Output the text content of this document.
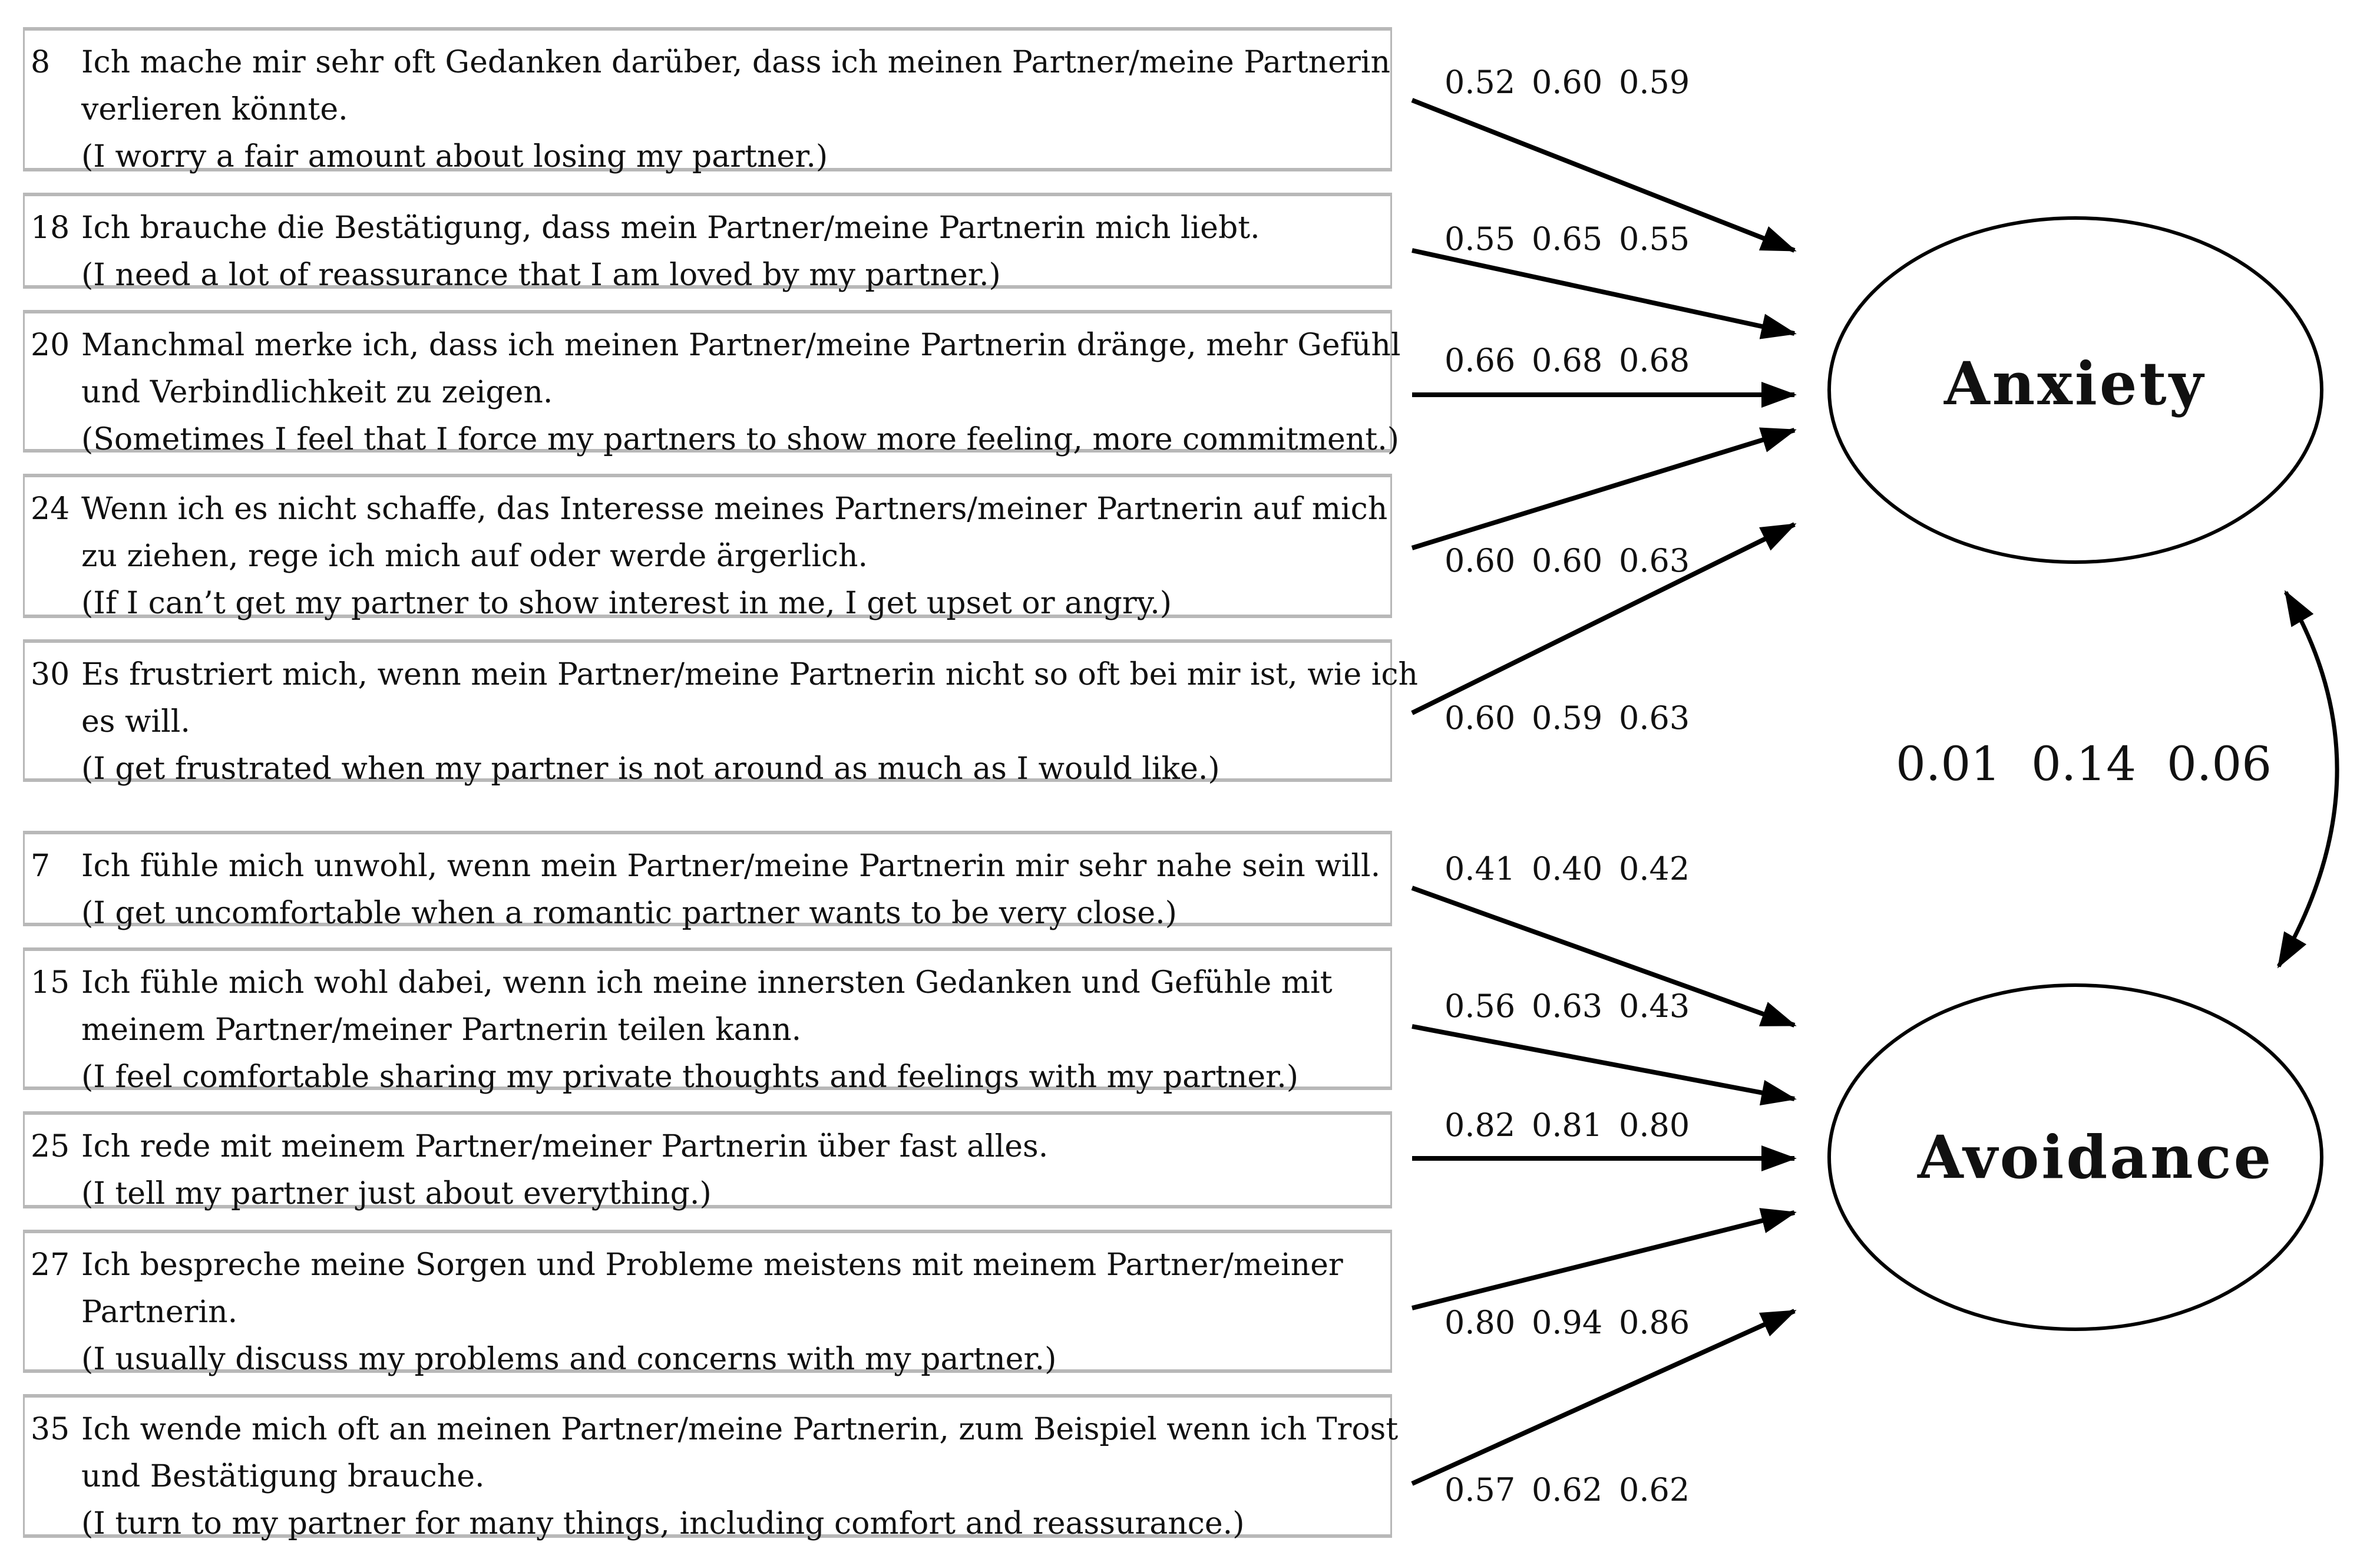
8	Ich mache mir sehr oft Gedanken darüber, dass ich meinen Partner/meine Partnerin
verlieren könnte.
(I worry a fair amount about losing my partner.)
18 Ich brauche die Bestätigung, dass mein Partner/meine Partnerin mich liebt.
(I need a lot of reassurance that I am loved by my partner.)
20 Manchmal merke ich, dass ich meinen Partner/meine Partnerin dränge, mehr Gefühl
und Verbindlichkeit zu zeigen.
(Sometimes I feel that I force my partners to show more feeling, more commitment.)
24 Wenn ich es nicht schaffe, das Interesse meines Partners/meiner Partnerin auf mich
zu ziehen, rege ich mich auf oder werde ärgerlich.
(If I can’t get my partner to show interest in me, I get upset or angry.)
30 Es frustriert mich, wenn mein Partner/meine Partnerin nicht so oft bei mir ist, wie ich
es will.
(I get frustrated when my partner is not around as much as I would like.)
7	Ich fühle mich unwohl, wenn mein Partner/meine Partnerin mir sehr nahe sein will.
(I get uncomfortable when a romantic partner wants to be very close.)
15 Ich fühle mich wohl dabei, wenn ich meine innersten Gedanken und Gefühle mit
meinem Partner/meiner Partnerin teilen kann.
(I feel comfortable sharing my private thoughts and feelings with my partner.)
25 Ich rede mit meinem Partner/meiner Partnerin über fast alles.
(I tell my partner just about everything.)
27 Ich bespreche meine Sorgen und Probleme meistens mit meinem Partner/meiner
Partnerin.
(I usually discuss my problems and concerns with my partner.)
35 Ich wende mich oft an meinen Partner/meine Partnerin, zum Beispiel wenn ich Trost
und Bestätigung brauche.
(I turn to my partner for many things, including comfort and reassurance.)
0.52 0.60 0.59
0.55 0.65 0.55
0.66 0.68 0.68
0.60 0.60 0.63
0.60 0.59 0.63
0.41 0.40 0.42
0.56 0.63 0.43
0.82 0.81 0.80
0.80 0.94 0.86
0.57 0.62 0.62
Anxiety
Avoidance
0.01 0.14 0.06
